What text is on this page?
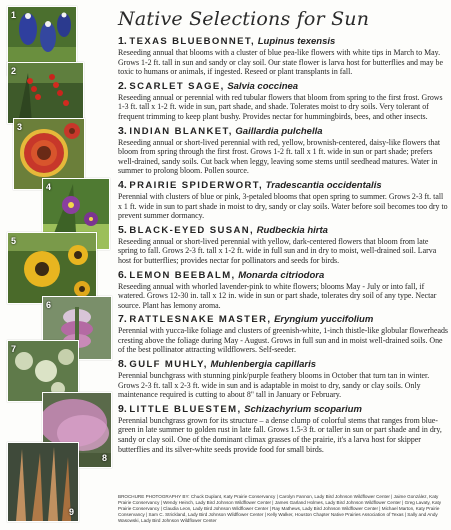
1
2
3
4
5
6
7
8
9
Native Selections for Sun
1. TEXAS BLUEBONNET, Lupinus texensis

Reseeding annual that blooms with a cluster of blue pea-like flowers with white tips in March to May. Grows 1-2 ft. tall in sun and sandy or clay soil. Our state flower is larva host for butterflies and may be toxic to humans or animals, if ingested. Reseed or plant transplants in fall.

2. SCARLET SAGE, Salvia coccinea

Reseeding annual or perennial with red tubular flowers that bloom from spring to the first frost. Grows 1-3 ft. tall x 1-2 ft. wide in sun, part shade, and shade. Tolerates moist to dry soils. Very tolerant of frequent trimming to keep plant bushy. Provides nectar for hummingbirds, bees, and other insects.

3. INDIAN BLANKET, Gaillardia pulchella

Reseeding annual or short-lived perennial with red, yellow, brownish-centered, daisy-like flowers that bloom from spring through the first frost. Grows 1-2 ft. tall x 1 ft. wide in sun or part shade; prefers well-drained, sandy soils. Cut back when leggy, leaving some stems until seedhead matures. Water in summer to prolong bloom. Pollen source.

4. PRAIRIE SPIDERWORT, Tradescantia occidentalis

Perennial with clusters of blue or pink, 3-petaled blooms that open spring to summer. Grows 2-3 ft. tall x 1 ft. wide in sun to part shade in moist to dry, sandy or clay soils. Water before soil becomes too dry to prevent summer dormancy.

5. BLACK-EYED SUSAN, Rudbeckia hirta

Reseeding annual or short-lived perennial with yellow, dark-centered flowers that bloom from late spring to fall. Grows 2-3 ft. tall x 1-2 ft. wide in full sun and in dry to moist, well-drained soil. Larva host for butterflies; provides nectar for pollinators and seeds for birds.

6. LEMON BEEBALM, Monarda citriodora

Reseeding annual with whorled lavender-pink to white flowers; blooms May - July or into fall, if watered. Grows 12-30 in. tall x 12 in. wide in sun or part shade, tolerates dry soil of any type. Nectar source. Plant has lemony aroma.

7. RATTLESNAKE MASTER, Eryngium yuccifolium

Perennial with yucca-like foliage and clusters of greenish-white, 1-inch thistle-like globular flowerheads cresting above the foliage during May - August. Grows in full sun and in moist well-drained soils. One of the best pollinator attracting wildflowers. Self-seeder.

8. GULF MUHLY, Muhlenbergia capillaris

Perennial bunchgrass with stunning pink/purple feathery blooms in October that turn tan in winter. Grows 2-3 ft. tall x 2-3 ft. wide in sun and is adaptable in moist to dry, sandy or clay soils. Only maintenance required is cutting to about 8" tall in January or February.

9. LITTLE BLUESTEM, Schizachyrium scoparium

Perennial bunchgrass grown for its structure – a dense clump of colorful stems that ranges from blue-green in late summer to golden rust in late fall. Grows 1.5-3 ft. or taller in sun or part shade and in dry, sandy or clay soil. One of the dominant climax grasses of the prairie, it's a larva host for skipper butterflies and its silver-white seeds provide food for small birds.

BROCHURE PHOTOGRAPHY BY: Chuck Duplant, Katy Prairie Conservancy | Carolyn Fannon, Lady Bird Johnson Wildflower Center | Jaime González, Katy Prairie Conservancy | Wendy Heinch, Lady Bird Johnson Wildflower Center | James Garland Holmes, Lady Bird Johnson Wildflower Center | Greg Lavaty, Katy Prairie Conservancy | Claudia Leon, Lady Bird Johnson Wildflower Center | Ray Mathews, Lady Bird Johnson Wildflower Center | Michael Marton, Katy Prairie Conservancy | Sam C. Strickland, Lady Bird Johnson Wildflower Center | Kelly Walker, Houston Chapter Native Prairies Association of Texas | Sally and Andy Wasowski, Lady Bird Johnson Wildflower Center
